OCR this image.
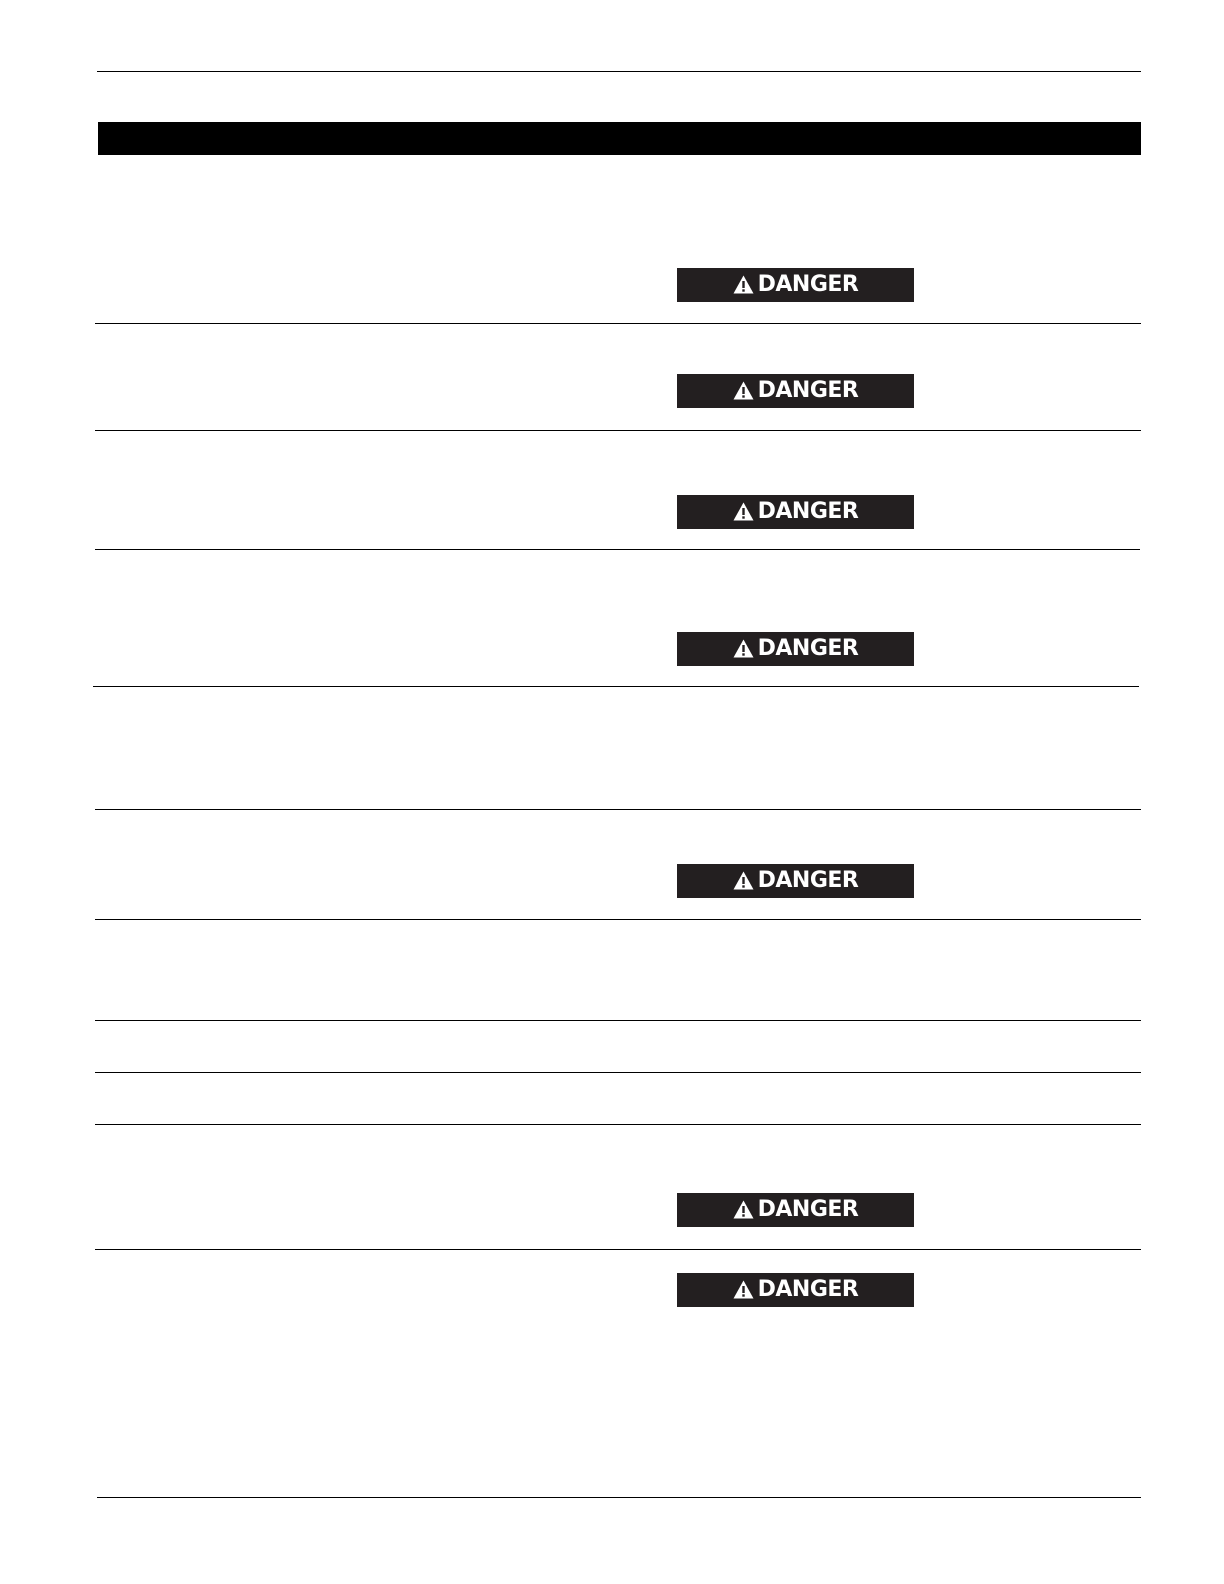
DANGER
DANGER
DANGER
DANGER
DANGER
DANGER
DANGER
